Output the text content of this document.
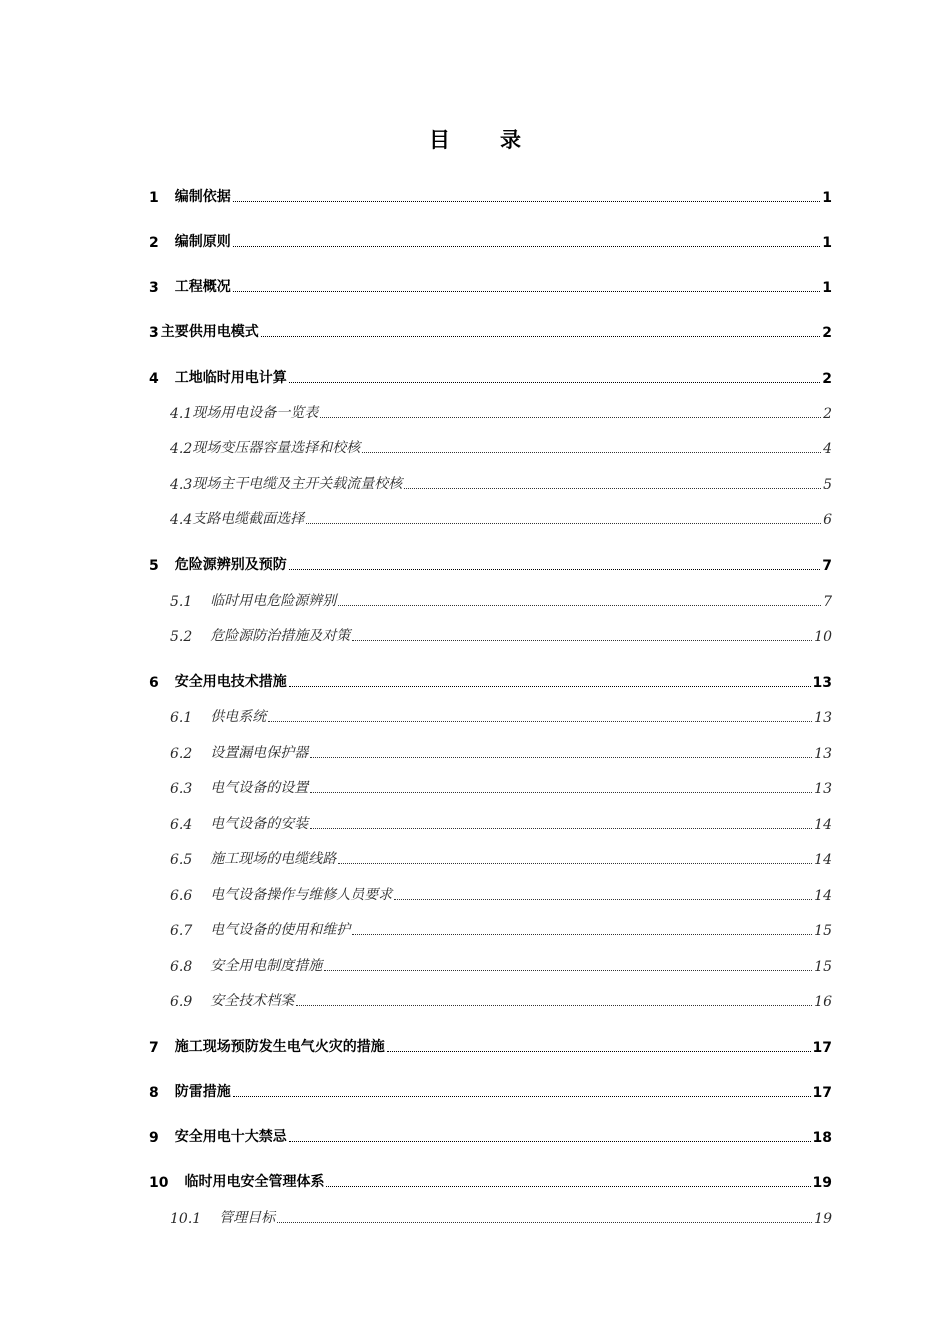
目 录
1 编制依据	1
2 编制原则	1
3 工程概况	1
3 主要供用电模式	2
4 工地临时用电计算	2
4.1 现场用电设备一览表	2
4.2 现场变压器容量选择和校核	4
4.3 现场主干电缆及主开关载流量校核	5
4.4 支路电缆截面选择	6
5 危险源辨别及预防	7
5.1 临时用电危险源辨别	7
5.2 危险源防治措施及对策	10
6 安全用电技术措施	13
6.1 供电系统	13
6.2 设置漏电保护器	13
6.3 电气设备的设置	13
6.4 电气设备的安装	14
6.5 施工现场的电缆线路	14
6.6 电气设备操作与维修人员要求	14
6.7 电气设备的使用和维护	15
6.8 安全用电制度措施	15
6.9 安全技术档案	16
7 施工现场预防发生电气火灾的措施	17
8 防雷措施	17
9 安全用电十大禁忌	18
10 临时用电安全管理体系	19
10.1 管理目标	19
